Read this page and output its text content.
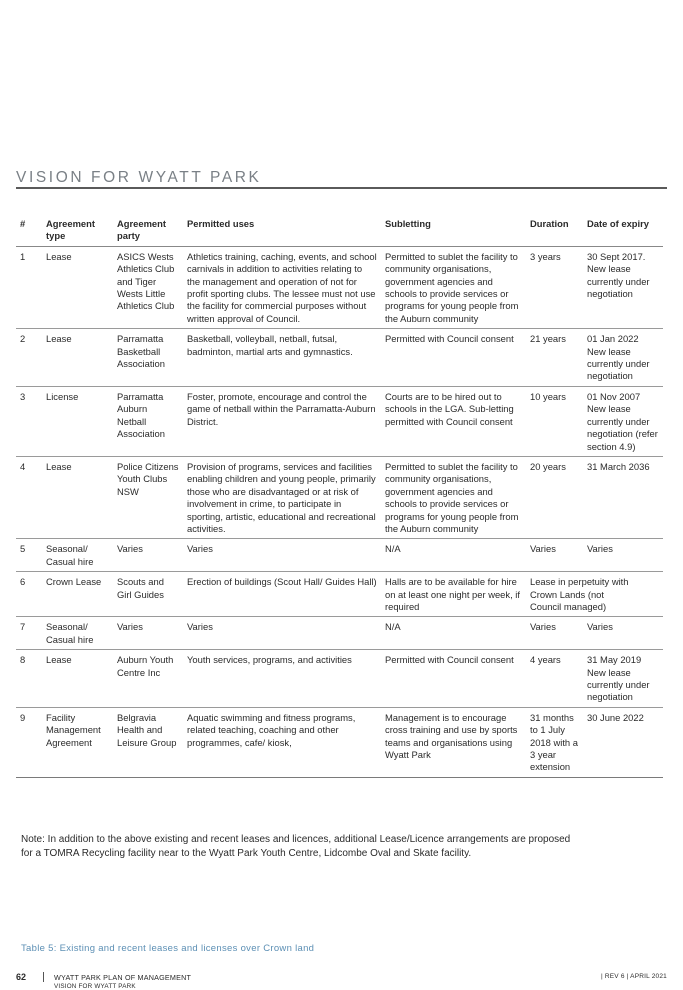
VISION FOR WYATT PARK
#	Agreement type	Agreement party	Permitted uses	Subletting	Duration	Date of expiry
1	Lease	ASICS Wests Athletics Club and Tiger Wests Little Athletics Club	Athletics training, caching, events, and school carnivals in addition to activities relating to the management and operation of not for profit sporting clubs. The lessee must not use the facility for commercial purposes without written approval of Council.	Permitted to sublet the facility to community organisations, government agencies and schools to provide services or programs for young people from the Auburn community	3 years	30 Sept 2017. New lease currently under negotiation
2	Lease	Parramatta Basketball Association	Basketball, volleyball, netball, futsal, badminton, martial arts and gymnastics.	Permitted with Council consent	21 years	01 Jan 2022 New lease currently under negotiation
3	License	Parramatta Auburn Netball Association	Foster, promote, encourage and control the game of netball within the Parramatta-Auburn District.	Courts are to be hired out to schools in the LGA. Sub-letting permitted with Council consent	10 years	01 Nov 2007 New lease currently under negotiation (refer section 4.9)
4	Lease	Police Citizens Youth Clubs NSW	Provision of programs, services and facilities enabling children and young people, primarily those who are disadvantaged or at risk of involvement in crime, to participate in sporting, artistic, educational and recreational activities.	Permitted to sublet the facility to community organisations, government agencies and schools to provide services or programs for young people from the Auburn community	20 years	31 March 2036
5	Seasonal/ Casual hire	Varies	Varies	N/A	Varies	Varies
6	Crown Lease	Scouts and Girl Guides	Erection of buildings (Scout Hall/ Guides Hall)	Halls are to be available for hire on at least one night per week, if required	Lease in perpetuity with Crown Lands (not Council managed)	
7	Seasonal/ Casual hire	Varies	Varies	N/A	Varies	Varies
8	Lease	Auburn Youth Centre Inc	Youth services, programs, and activities	Permitted with Council consent	4 years	31 May 2019 New lease currently under negotiation
9	Facility Management Agreement	Belgravia Health and Leisure Group	Aquatic swimming and fitness programs, related teaching, coaching and other programmes, cafe/ kiosk,	Management is to encourage cross training and use by sports teams and organisations using Wyatt Park	31 months to 1 July 2018 with a 3 year extension	30 June 2022

Note: In addition to the above existing and recent leases and licences, additional Lease/Licence arrangements are proposed for a TOMRA Recycling facility near to the Wyatt Park Youth Centre, Lidcombe Oval and Skate facility.

Table 5: Existing and recent leases and licenses over Crown land
62	WYATT PARK PLAN OF MANAGEMENT
VISION FOR WYATT PARK
| REV 6 | APRIL 2021
